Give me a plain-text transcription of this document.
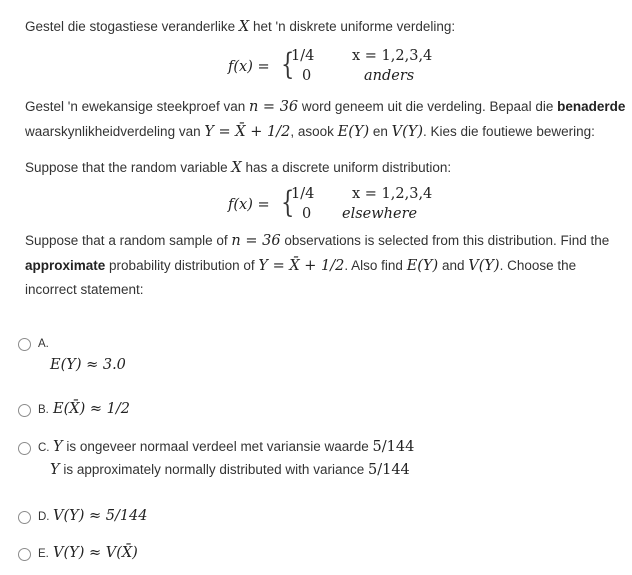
Gestel die stogastiese veranderlike X het 'n diskrete uniforme verdeling:
f(x) = {
1/4	x = 1,2,3,4
0	anders
Gestel 'n ewekansige steekproef van n = 36 word geneem uit die verdeling. Bepaal die benaderde
waarskynlikheidverdeling van Y = X̄ + 1/2, asook E(Y) en V(Y). Kies die foutiewe bewering:
Suppose that the random variable X has a discrete uniform distribution:
f(x) = {
1/4	x = 1,2,3,4
0 elsewhere
Suppose that a random sample of n = 36 observations is selected from this distribution. Find the
approximate probability distribution of Y = X̄ + 1/2. Also find E(Y) and V(Y). Choose the
incorrect statement:
A.
E(Y) ≈ 3.0
B. E(X̄) ≈ 1/2
C. Y is ongeveer normaal verdeel met variansie waarde 5/144
Y is approximately normally distributed with variance 5/144
D. V(Y) ≈ 5/144
E. V(Y) ≈ V(X̄)
